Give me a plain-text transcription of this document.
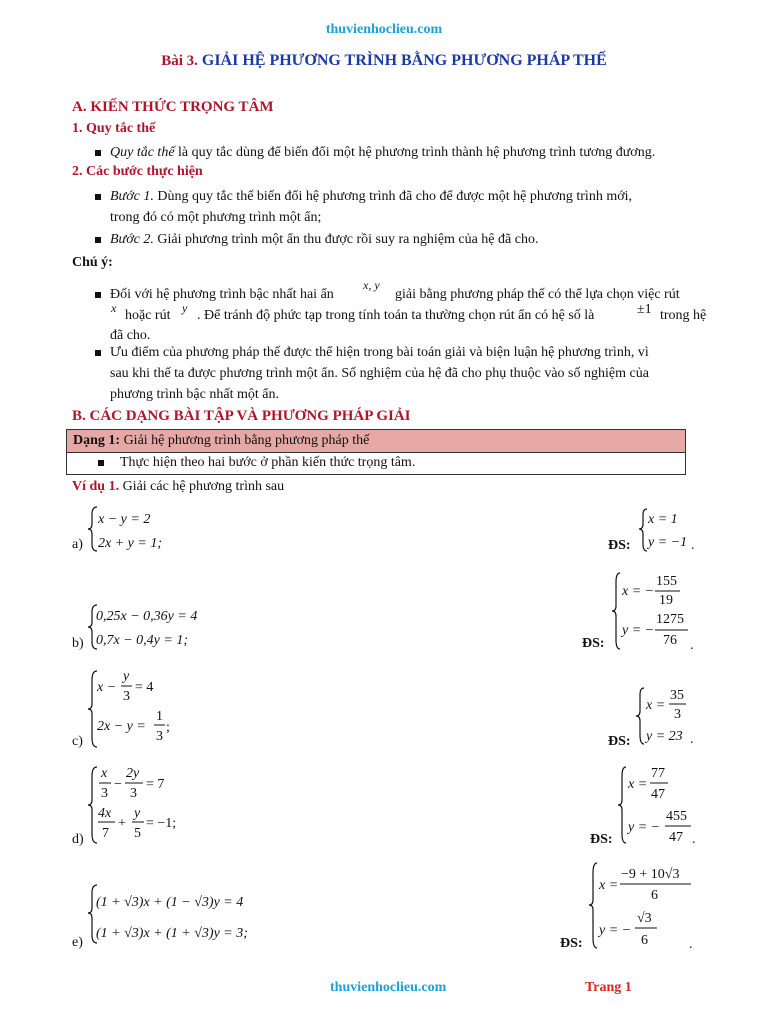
thuvienhoclieu.com
Bài 3. GIẢI HỆ PHƯƠNG TRÌNH BẰNG PHƯƠNG PHÁP THẾ
A. KIẾN THỨC TRỌNG TÂM
1. Quy tắc thế
Quy tắc thế là quy tắc dùng để biến đổi một hệ phương trình thành hệ phương trình tương đương.
2. Các bước thực hiện
Bước 1. Dùng quy tắc thế biến đổi hệ phương trình đã cho để được một hệ phương trình mới,
trong đó có một phương trình một ẩn;
Bước 2. Giải phương trình một ẩn thu được rồi suy ra nghiệm của hệ đã cho.
Chú ý:
Đối với hệ phương trình bậc nhất hai ẩn
x, y
giải bằng phương pháp thế có thể lựa chọn việc rút
x hoặc rút y . Để tránh độ phức tạp trong tính toán ta thường chọn rút ẩn có hệ số là	±1 trong hệ
đã cho.
Ưu điểm của phương pháp thế được thể hiện trong bài toán giải và biện luận hệ phương trình, vì
sau khi thế ta được phương trình một ẩn. Số nghiệm của hệ đã cho phụ thuộc vào số nghiệm của
phương trình bậc nhất một ẩn.
B. CÁC DẠNG BÀI TẬP VÀ PHƯƠNG PHÁP GIẢI
Dạng 1: Giải hệ phương trình bằng phương pháp thế
Thực hiện theo hai bước ở phần kiến thức trọng tâm.
Ví dụ 1. Giải các hệ phương trình sau
a)
x − y = 2
2x + y = 1;	ĐS:
x = 1
y = −1 .
b)
0,25x − 0,36y = 4
0,7x − 0,4y = 1;	ĐS:
x = −
155
19
y = −
1275
76 .
c)
x −
y
3
= 4
2x − y =
1
3
;
ĐS:
x =
35
3
y = 23 .
d)
x
3
−
2y
3
= 7
4x
7
+
y
5
= −1;
ĐS:
x =
77
47
y = −
455
47 .
e)
(1 + √3)x + (1 − √3)y = 4
(1 + √3)x + (1 + √3)y = 3;
ĐS:
x =
−9 + 10√3
6
y = −
√3
6	.
thuvienhoclieu.com	Trang 1
